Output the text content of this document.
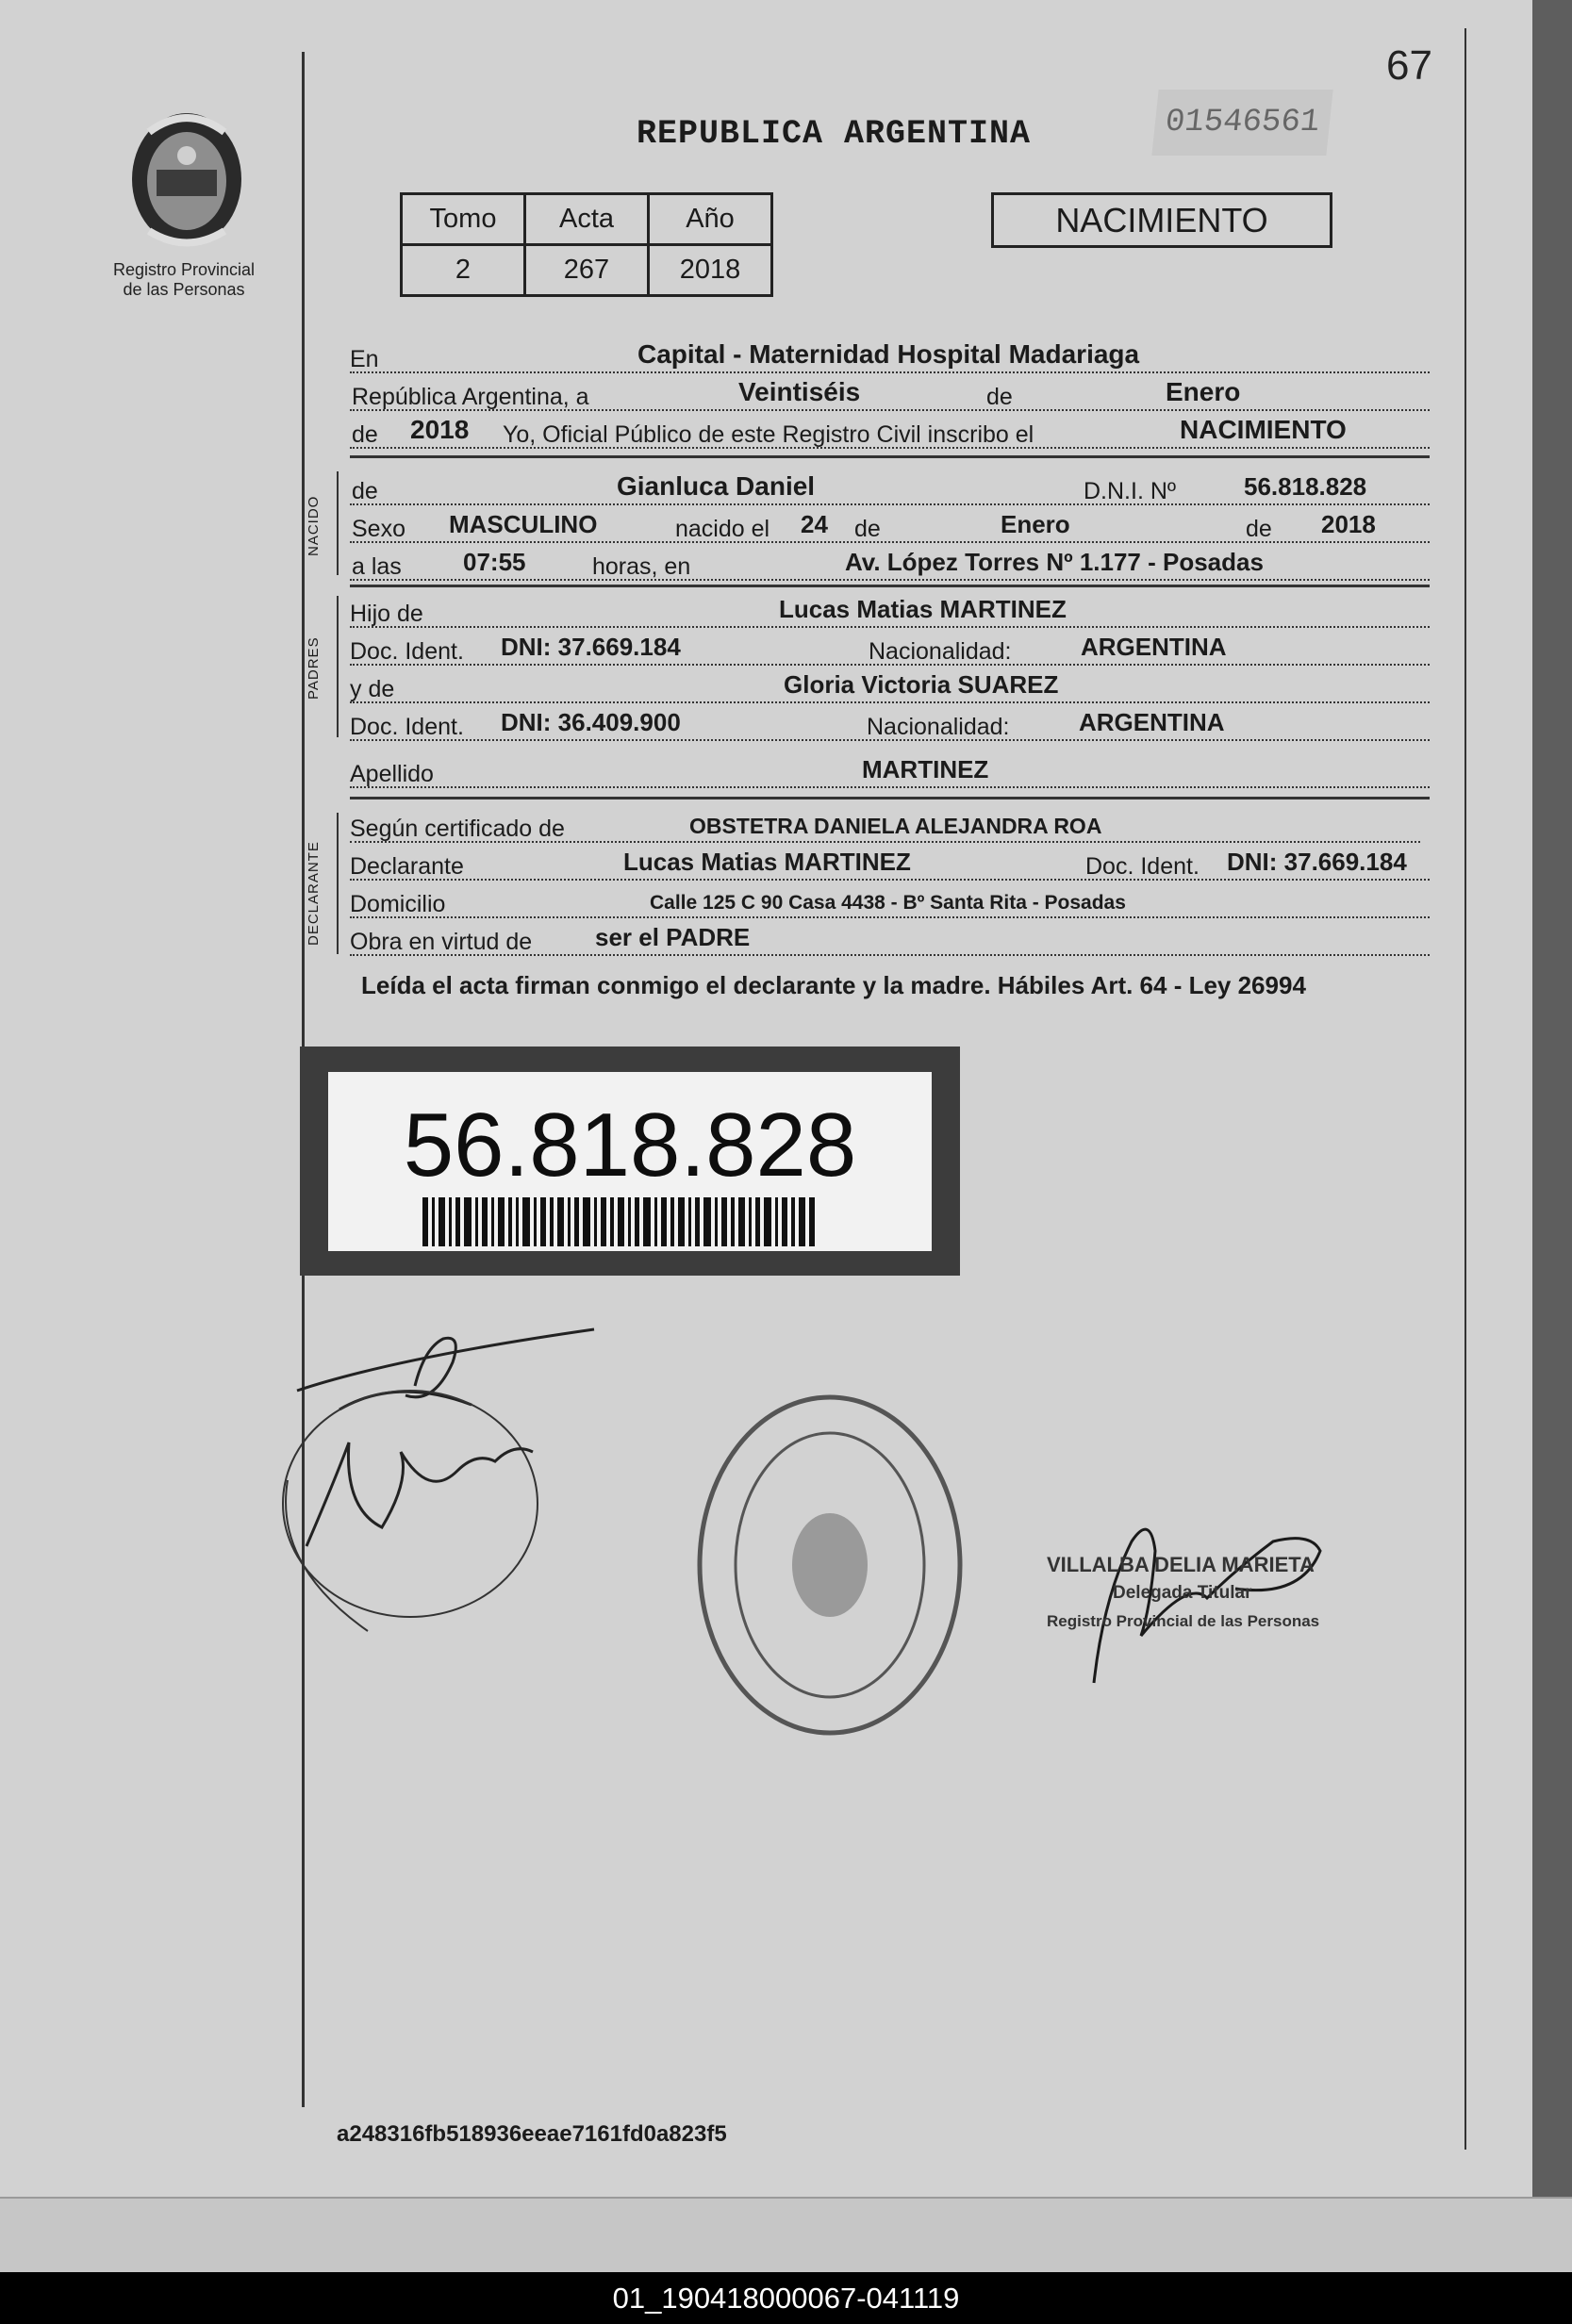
67
Registro Provincial
de las Personas
REPUBLICA ARGENTINA	01546561
Tomo	Acta	Año
2	267	2018
NACIMIENTO
En	Capital - Maternidad Hospital Madariaga
República Argentina, a	Veintiséis	de	Enero
de 2018 Yo, Oficial Público de este Registro Civil inscribo el	NACIMIENTO
NACIDO
de	Gianluca Daniel	D.N.I. Nº	56.818.828
Sexo MASCULINO	nacido el 24 de	Enero	de 2018
a las	07:55	horas, en	Av. López Torres Nº 1.177 - Posadas
PADRES
Hijo de	Lucas Matias MARTINEZ
Doc. Ident. DNI: 37.669.184	Nacionalidad:	ARGENTINA
y de	Gloria Victoria SUAREZ
Doc. Ident. DNI: 36.409.900	Nacionalidad:	ARGENTINA
Apellido	MARTINEZ
DECLARANTE
Según certificado de	OBSTETRA DANIELA ALEJANDRA ROA
Declarante	Lucas Matias MARTINEZ	Doc. Ident. DNI: 37.669.184
Domicilio	Calle 125 C 90 Casa 4438 - Bº Santa Rita - Posadas
Obra en virtud de	ser el PADRE
Leída el acta firman conmigo el declarante y la madre. Hábiles Art. 64 - Ley 26994
56.818.828
VILLALBA DELIA MARIETA
Delegada Titular
Registro Provincial de las Personas
a248316fb518936eeae7161fd0a823f5
01_190418000067-041119
